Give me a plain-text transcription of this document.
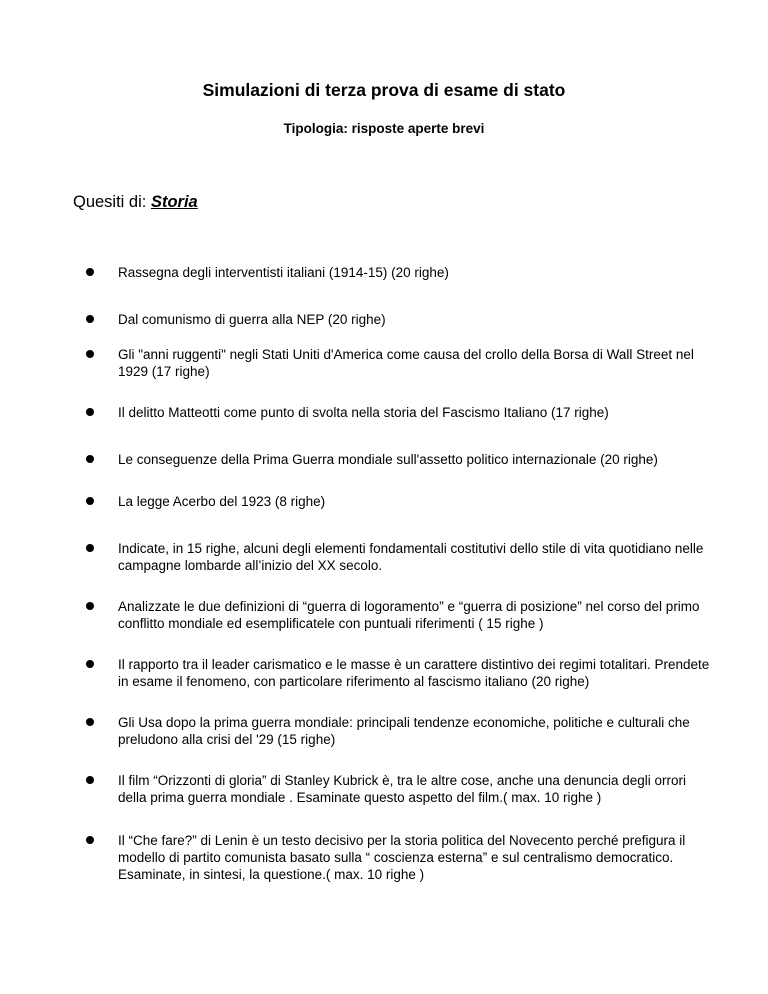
Simulazioni di terza prova di esame di stato

Tipologia: risposte aperte brevi

Quesiti di: Storia

Rassegna degli interventisti italiani (1914-15) (20 righe)

Dal comunismo di guerra alla NEP (20 righe)

Gli "anni ruggenti" negli Stati Uniti d'America come causa del crollo della Borsa di Wall Street nel 1929 (17 righe)

Il delitto Matteotti come punto di svolta nella storia del Fascismo Italiano (17 righe)

Le conseguenze della Prima Guerra mondiale sull'assetto politico internazionale (20 righe)

La legge Acerbo del 1923 (8 righe)

Indicate, in 15 righe, alcuni degli elementi fondamentali costitutivi dello stile di vita quotidiano nelle campagne lombarde all’inizio del XX secolo.

Analizzate le due definizioni di “guerra di logoramento” e “guerra di posizione” nel corso del primo conflitto mondiale ed esemplificatele con puntuali riferimenti ( 15 righe )

Il rapporto tra il leader carismatico e le masse è un carattere distintivo dei regimi totalitari. Prendete in esame il fenomeno, con particolare riferimento al fascismo italiano (20 righe)

Gli Usa dopo la prima guerra mondiale: principali tendenze economiche, politiche e culturali che preludono alla crisi del '29 (15 righe)

Il film “Orizzonti di gloria” di Stanley Kubrick è, tra le altre cose, anche una denuncia degli orrori della prima guerra mondiale . Esaminate questo aspetto del film.( max. 10 righe )

Il “Che fare?” di Lenin è un testo decisivo per la storia politica del Novecento perché prefigura il modello di partito comunista basato sulla “ coscienza esterna” e sul centralismo democratico. Esaminate, in sintesi, la questione.( max. 10 righe )
